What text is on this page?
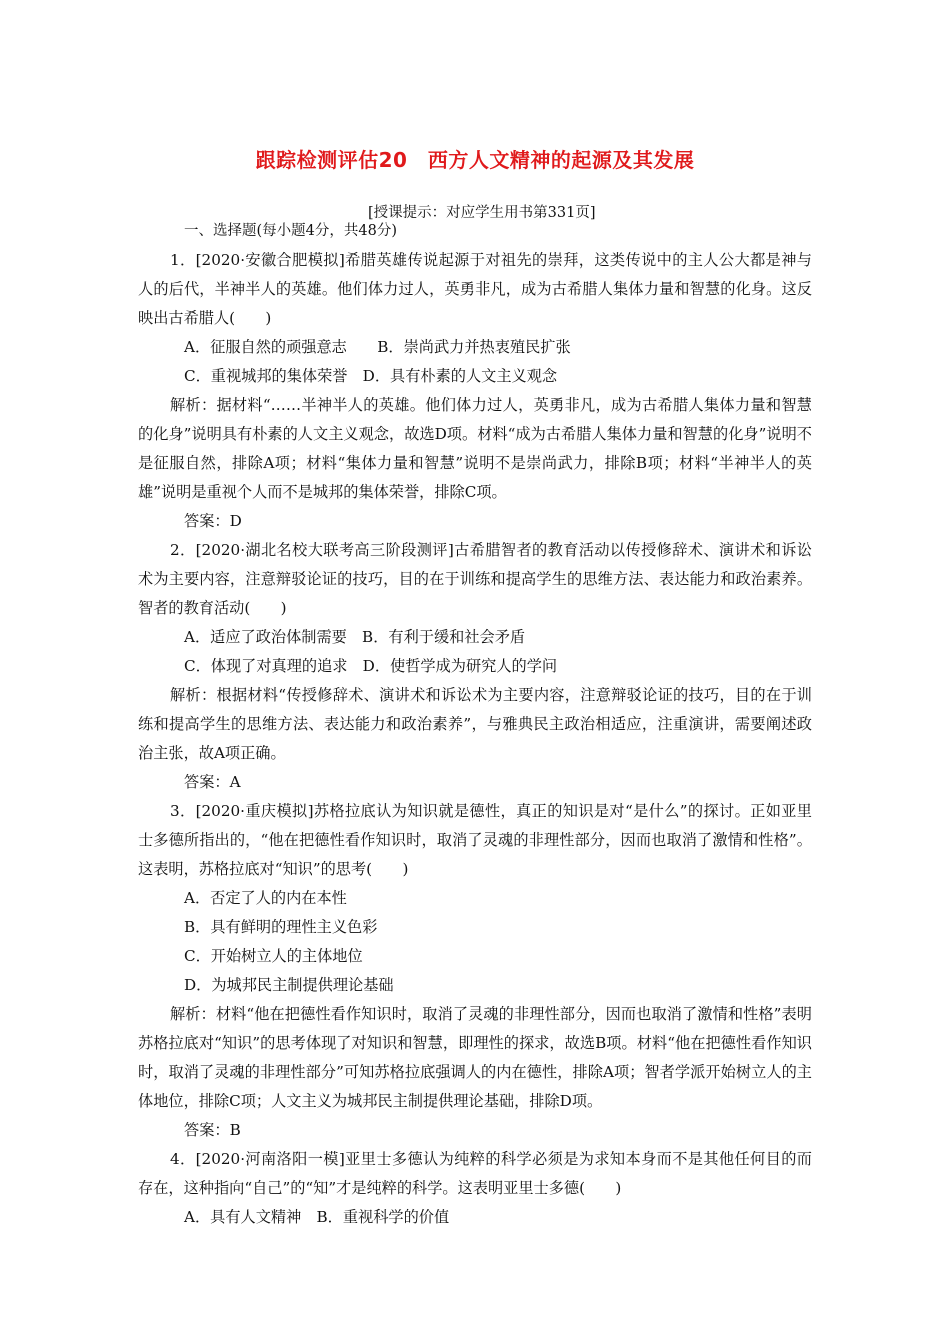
跟踪检测评估20　西方人文精神的起源及其发展
[授课提示：对应学生用书第331页]

一、选择题(每小题4分，共48分)

1．[2020·安徽合肥模拟]希腊英雄传说起源于对祖先的崇拜，这类传说中的主人公大都是神与人的后代，半神半人的英雄。他们体力过人，英勇非凡，成为古希腊人集体力量和智慧的化身。这反映出古希腊人(　　)

A．征服自然的顽强意志　　B．崇尚武力并热衷殖民扩张

C．重视城邦的集体荣誉　D．具有朴素的人文主义观念

解析：据材料“……半神半人的英雄。他们体力过人，英勇非凡，成为古希腊人集体力量和智慧的化身”说明具有朴素的人文主义观念，故选D项。材料“成为古希腊人集体力量和智慧的化身”说明不是征服自然，排除A项；材料“集体力量和智慧”说明不是崇尚武力，排除B项；材料“半神半人的英雄”说明是重视个人而不是城邦的集体荣誉，排除C项。

答案：D

2．[2020·湖北名校大联考高三阶段测评]古希腊智者的教育活动以传授修辞术、演讲术和诉讼术为主要内容，注意辩驳论证的技巧，目的在于训练和提高学生的思维方法、表达能力和政治素养。智者的教育活动(　　)

A．适应了政治体制需要　B．有利于缓和社会矛盾

C．体现了对真理的追求　D．使哲学成为研究人的学问

解析：根据材料“传授修辞术、演讲术和诉讼术为主要内容，注意辩驳论证的技巧，目的在于训练和提高学生的思维方法、表达能力和政治素养”，与雅典民主政治相适应，注重演讲，需要阐述政治主张，故A项正确。

答案：A

3．[2020·重庆模拟]苏格拉底认为知识就是德性，真正的知识是对“是什么”的探讨。正如亚里士多德所指出的，“他在把德性看作知识时，取消了灵魂的非理性部分，因而也取消了激情和性格”。这表明，苏格拉底对“知识”的思考(　　)

A．否定了人的内在本性

B．具有鲜明的理性主义色彩

C．开始树立人的主体地位

D．为城邦民主制提供理论基础

解析：材料“他在把德性看作知识时，取消了灵魂的非理性部分，因而也取消了激情和性格”表明苏格拉底对“知识”的思考体现了对知识和智慧，即理性的探求，故选B项。材料“他在把德性看作知识时，取消了灵魂的非理性部分”可知苏格拉底强调人的内在德性，排除A项；智者学派开始树立人的主体地位，排除C项；人文主义为城邦民主制提供理论基础，排除D项。

答案：B

4．[2020·河南洛阳一模]亚里士多德认为纯粹的科学必须是为求知本身而不是其他任何目的而存在，这种指向“自己”的“知”才是纯粹的科学。这表明亚里士多德(　　)

A．具有人文精神　B．重视科学的价值
